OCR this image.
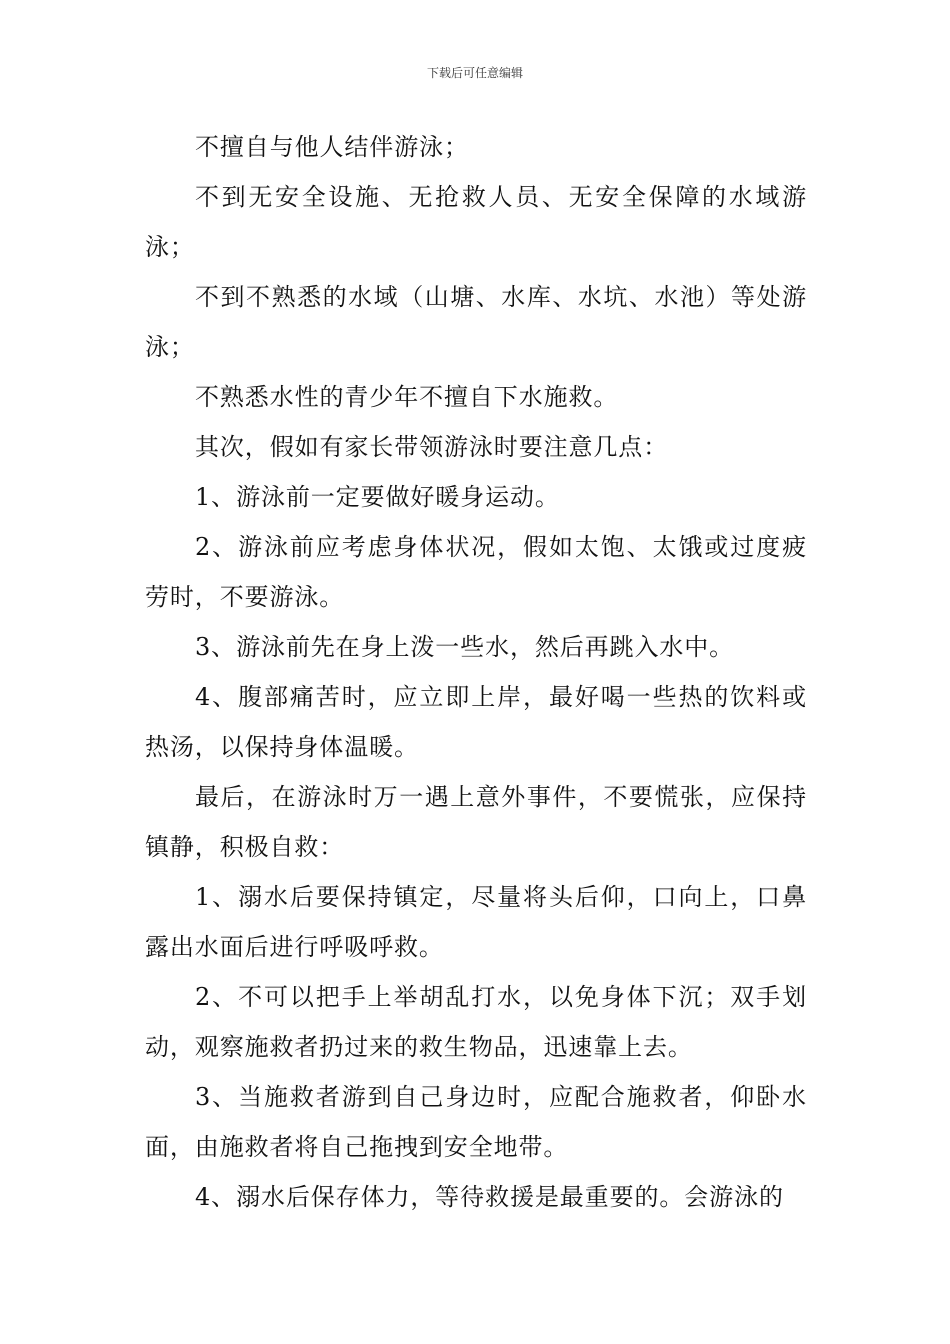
下载后可任意编辑

不擅自与他人结伴游泳；

不到无安全设施、无抢救人员、无安全保障的水域游泳；

不到不熟悉的水域（山塘、水库、水坑、水池）等处游泳；

不熟悉水性的青少年不擅自下水施救。

其次，假如有家长带领游泳时要注意几点：

1、游泳前一定要做好暖身运动。

2、游泳前应考虑身体状况，假如太饱、太饿或过度疲劳时，不要游泳。

3、游泳前先在身上泼一些水，然后再跳入水中。

4、腹部痛苦时，应立即上岸，最好喝一些热的饮料或热汤，以保持身体温暖。

最后，在游泳时万一遇上意外事件，不要慌张，应保持镇静，积极自救：

1、溺水后要保持镇定，尽量将头后仰，口向上，口鼻露出水面后进行呼吸呼救。

2、不可以把手上举胡乱打水，以免身体下沉；双手划动，观察施救者扔过来的救生物品，迅速靠上去。

3、当施救者游到自己身边时，应配合施救者，仰卧水面，由施救者将自己拖拽到安全地带。

4、溺水后保存体力，等待救援是最重要的。会游泳的
